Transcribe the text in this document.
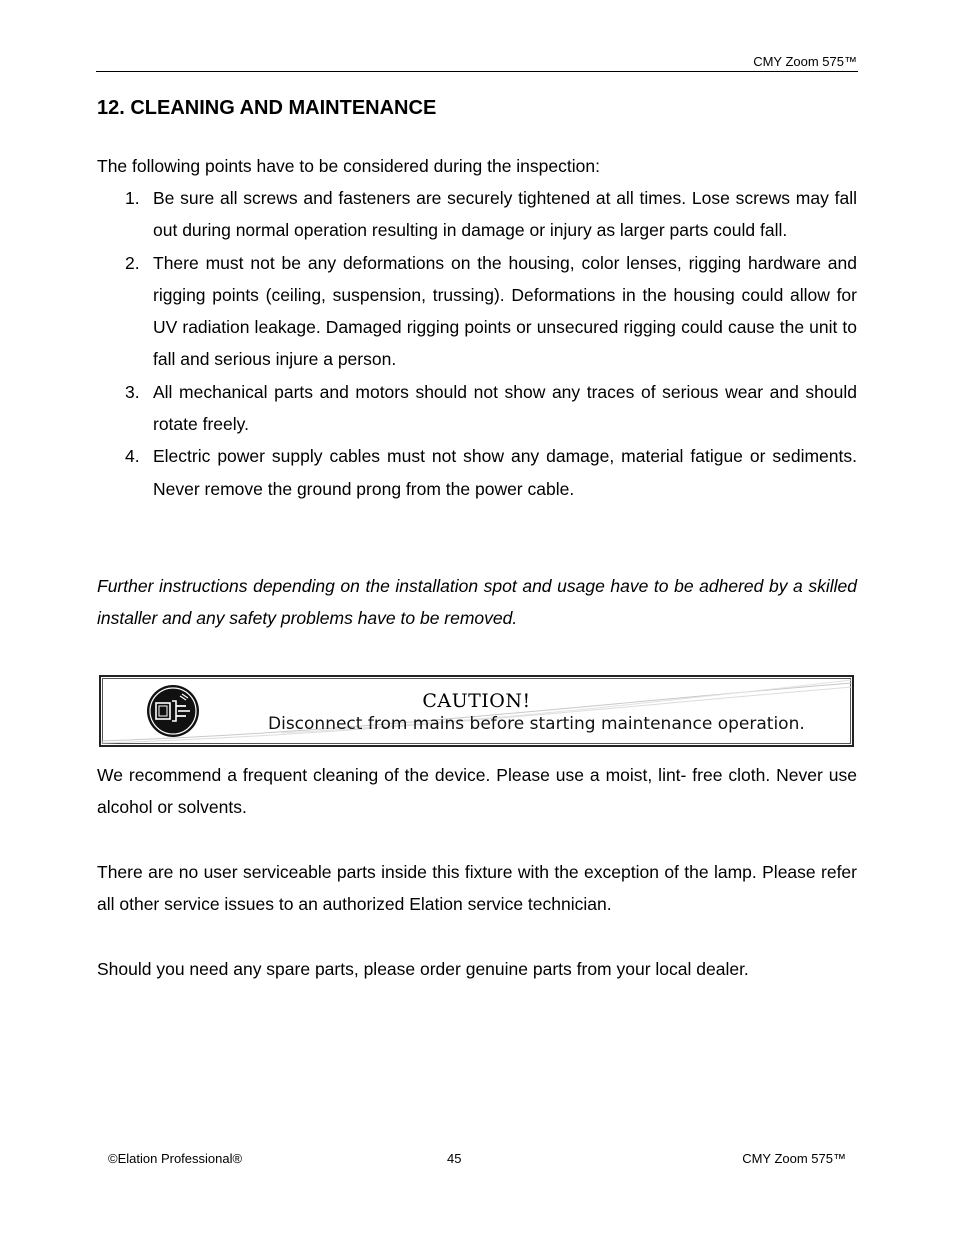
CMY Zoom 575™
12. CLEANING AND MAINTENANCE
The following points have to be considered during the inspection:
1. Be sure all screws and fasteners are securely tightened at all times. Lose screws may fall out during normal operation resulting in damage or injury as larger parts could fall.
2. There must not be any deformations on the housing, color lenses, rigging hardware and rigging points (ceiling, suspension, trussing). Deformations in the housing could allow for UV radiation leakage. Damaged rigging points or unsecured rigging could cause the unit to fall and serious injure a person.
3. All mechanical parts and motors should not show any traces of serious wear and should rotate freely.
4. Electric power supply cables must not show any damage, material fatigue or sediments. Never remove the ground prong from the power cable.
Further instructions depending on the installation spot and usage have to be adhered by a skilled installer and any safety problems have to be removed.
CAUTION!
Disconnect from mains before starting maintenance operation.
We recommend a frequent cleaning of the device. Please use a moist, lint- free cloth. Never use alcohol or solvents.
There are no user serviceable parts inside this fixture with the exception of the lamp. Please refer all other service issues to an authorized Elation service technician.
Should you need any spare parts, please order genuine parts from your local dealer.
©Elation Professional®	45	CMY Zoom 575™
